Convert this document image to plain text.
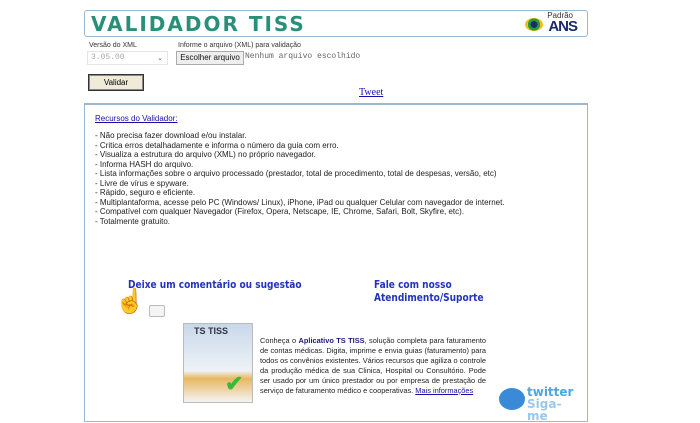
VALIDADOR TISS	Padrão
ANS
Versão do XML	Informe o arquivo (XML) para validação
3.05.00	⌄	Escolher arquivo Nenhum arquivo escolhido
Validar
Tweet
Recursos do Validador:
- Não precisa fazer download e/ou instalar.
- Critica erros detalhadamente e informa o número da guia com erro.
- Visualiza a estrutura do arquivo (XML) no próprio navegador.
- Informa HASH do arquivo.
- Lista informações sobre o arquivo processado (prestador, total de procedimento, total de despesas, versão, etc)
- Livre de vírus e spyware.
- Rápido, seguro e eficiente.
- Multiplantaforma, acesse pelo PC (Windows/ Linux), iPhone, iPad ou qualquer Celular com navegador de internet.
- Compatível com qualquer Navegador (Firefox, Opera, Netscape, IE, Chrome, Safari, Bolt, Skyfire, etc).
- Totalmente gratuito.
Deixe um comentário ou sugestão
☝
Fale com nosso Atendimento/Suporte
TS TISS
✔
Conheça o Aplicativo TS TISS, solução completa para faturamento de contas médicas. Digita, imprime e envia guias (faturamento) para todos os convênios existentes. Vários recursos que agiliza o controle da produção médica de sua Clinica, Hospital ou Consultório. Pode ser usado por um único prestador ou por empresa de prestação de serviço de faturamento médico e cooperativas. Mais informações	twitter
Siga-me
